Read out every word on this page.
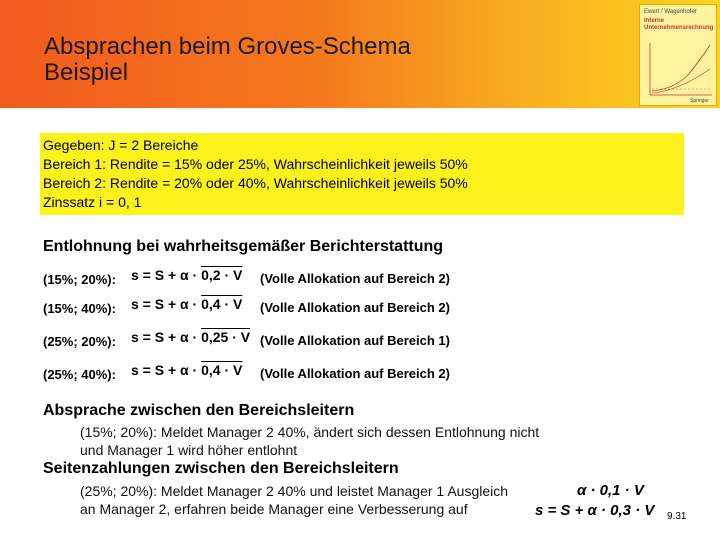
Absprachen beim Groves-Schema
Beispiel
Ewert / Wagenhofer
Interne
Unternehmensrechnung
Springer
Gegeben: J = 2 Bereiche
Bereich 1: Rendite = 15% oder 25%, Wahrscheinlichkeit jeweils 50%
Bereich 2: Rendite = 20% oder 40%, Wahrscheinlichkeit jeweils 50%
Zinssatz i = 0, 1
Entlohnung bei wahrheitsgemäßer Berichterstattung
(15%; 20%): s = S + α · 0,2 · V (Volle Allokation auf Bereich 2)
(15%; 40%): s = S + α · 0,4 · V (Volle Allokation auf Bereich 2)
(25%; 20%): s = S + α · 0,25 · V (Volle Allokation auf Bereich 1)
(25%; 40%): s = S + α · 0,4 · V (Volle Allokation auf Bereich 2)
Absprache zwischen den Bereichsleitern
(15%; 20%): Meldet Manager 2 40%, ändert sich dessen Entlohnung nicht
und Manager 1 wird höher entlohnt
Seitenzahlungen zwischen den Bereichsleitern
(25%; 20%): Meldet Manager 2 40% und leistet Manager 1 Ausgleich
an Manager 2, erfahren beide Manager eine Verbesserung auf
α · 0,1 · V
s = S + α · 0,3 · V 9.31
